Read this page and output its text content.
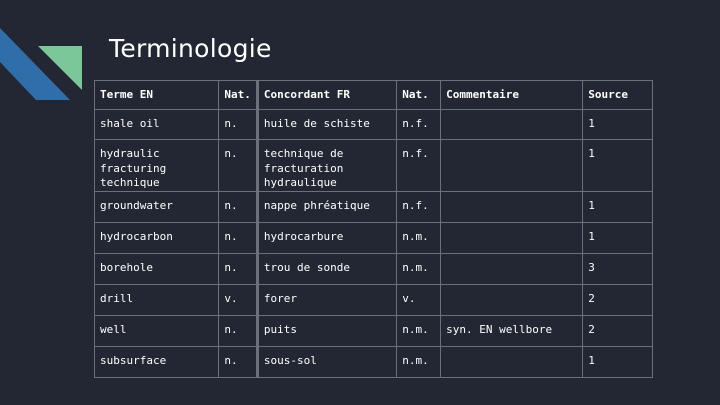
Terminologie
Terme EN	Nat.	Concordant FR	Nat.	Commentaire	Source
shale oil	n.	huile de schiste	n.f.		1
hydraulic fracturing technique	n.	technique de fracturation hydraulique	n.f.		1
groundwater	n.	nappe phréatique	n.f.		1
hydrocarbon	n.	hydrocarbure	n.m.		1
borehole	n.	trou de sonde	n.m.		3
drill	v.	forer	v.		2
well	n.	puits	n.m.	syn. EN wellbore	2
subsurface	n.	sous-sol	n.m.		1
